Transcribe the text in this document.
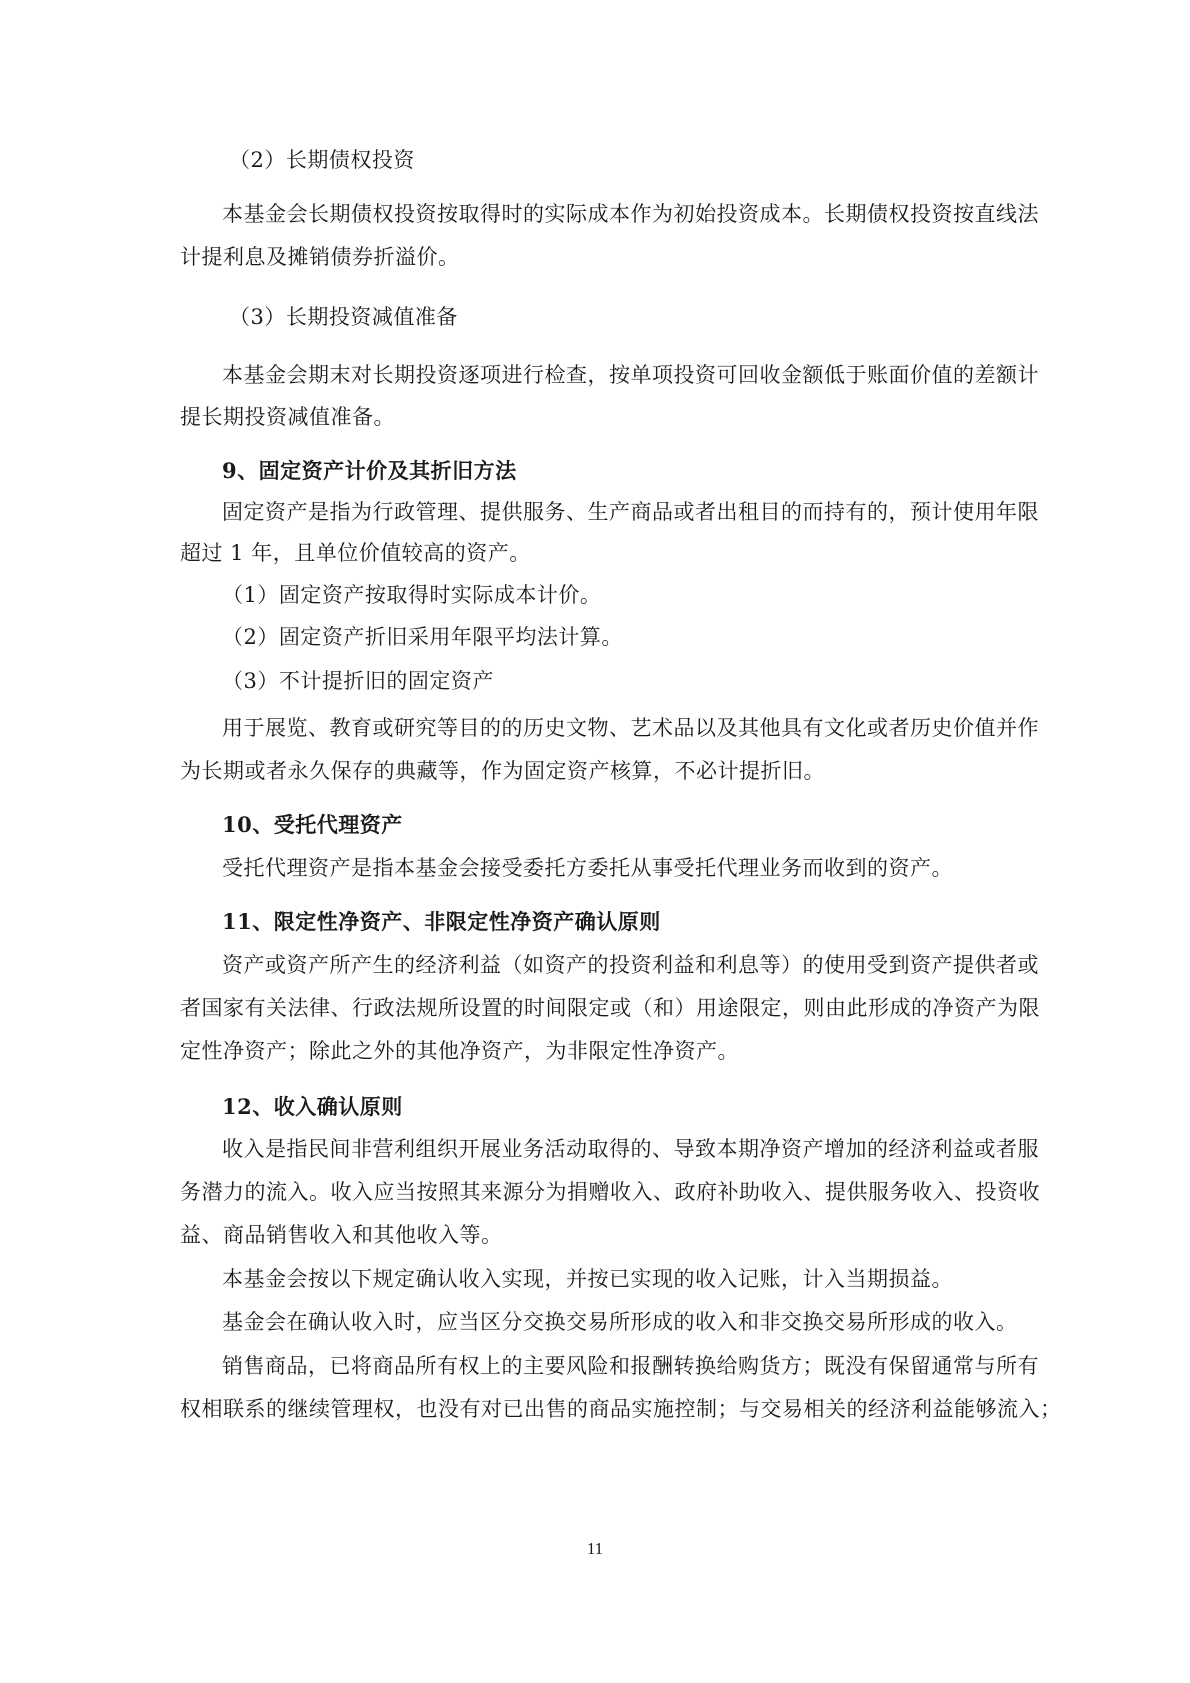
（2）长期债权投资
本基金会长期债权投资按取得时的实际成本作为初始投资成本。长期债权投资按直线法
计提利息及摊销债券折溢价。
（3）长期投资减值准备
本基金会期末对长期投资逐项进行检查，按单项投资可回收金额低于账面价值的差额计
提长期投资减值准备。
9、固定资产计价及其折旧方法
固定资产是指为行政管理、提供服务、生产商品或者出租目的而持有的，预计使用年限
超过 1 年，且单位价值较高的资产。
（1）固定资产按取得时实际成本计价。
（2）固定资产折旧采用年限平均法计算。
（3）不计提折旧的固定资产
用于展览、教育或研究等目的的历史文物、艺术品以及其他具有文化或者历史价值并作
为长期或者永久保存的典藏等，作为固定资产核算，不必计提折旧。
10、受托代理资产
受托代理资产是指本基金会接受委托方委托从事受托代理业务而收到的资产。
11、限定性净资产、非限定性净资产确认原则
资产或资产所产生的经济利益（如资产的投资利益和利息等）的使用受到资产提供者或
者国家有关法律、行政法规所设置的时间限定或（和）用途限定，则由此形成的净资产为限
定性净资产；除此之外的其他净资产，为非限定性净资产。
12、收入确认原则
收入是指民间非营利组织开展业务活动取得的、导致本期净资产增加的经济利益或者服
务潜力的流入。收入应当按照其来源分为捐赠收入、政府补助收入、提供服务收入、投资收
益、商品销售收入和其他收入等。
本基金会按以下规定确认收入实现，并按已实现的收入记账，计入当期损益。
基金会在确认收入时，应当区分交换交易所形成的收入和非交换交易所形成的收入。
销售商品，已将商品所有权上的主要风险和报酬转换给购货方；既没有保留通常与所有
权相联系的继续管理权，也没有对已出售的商品实施控制；与交易相关的经济利益能够流入；
11
